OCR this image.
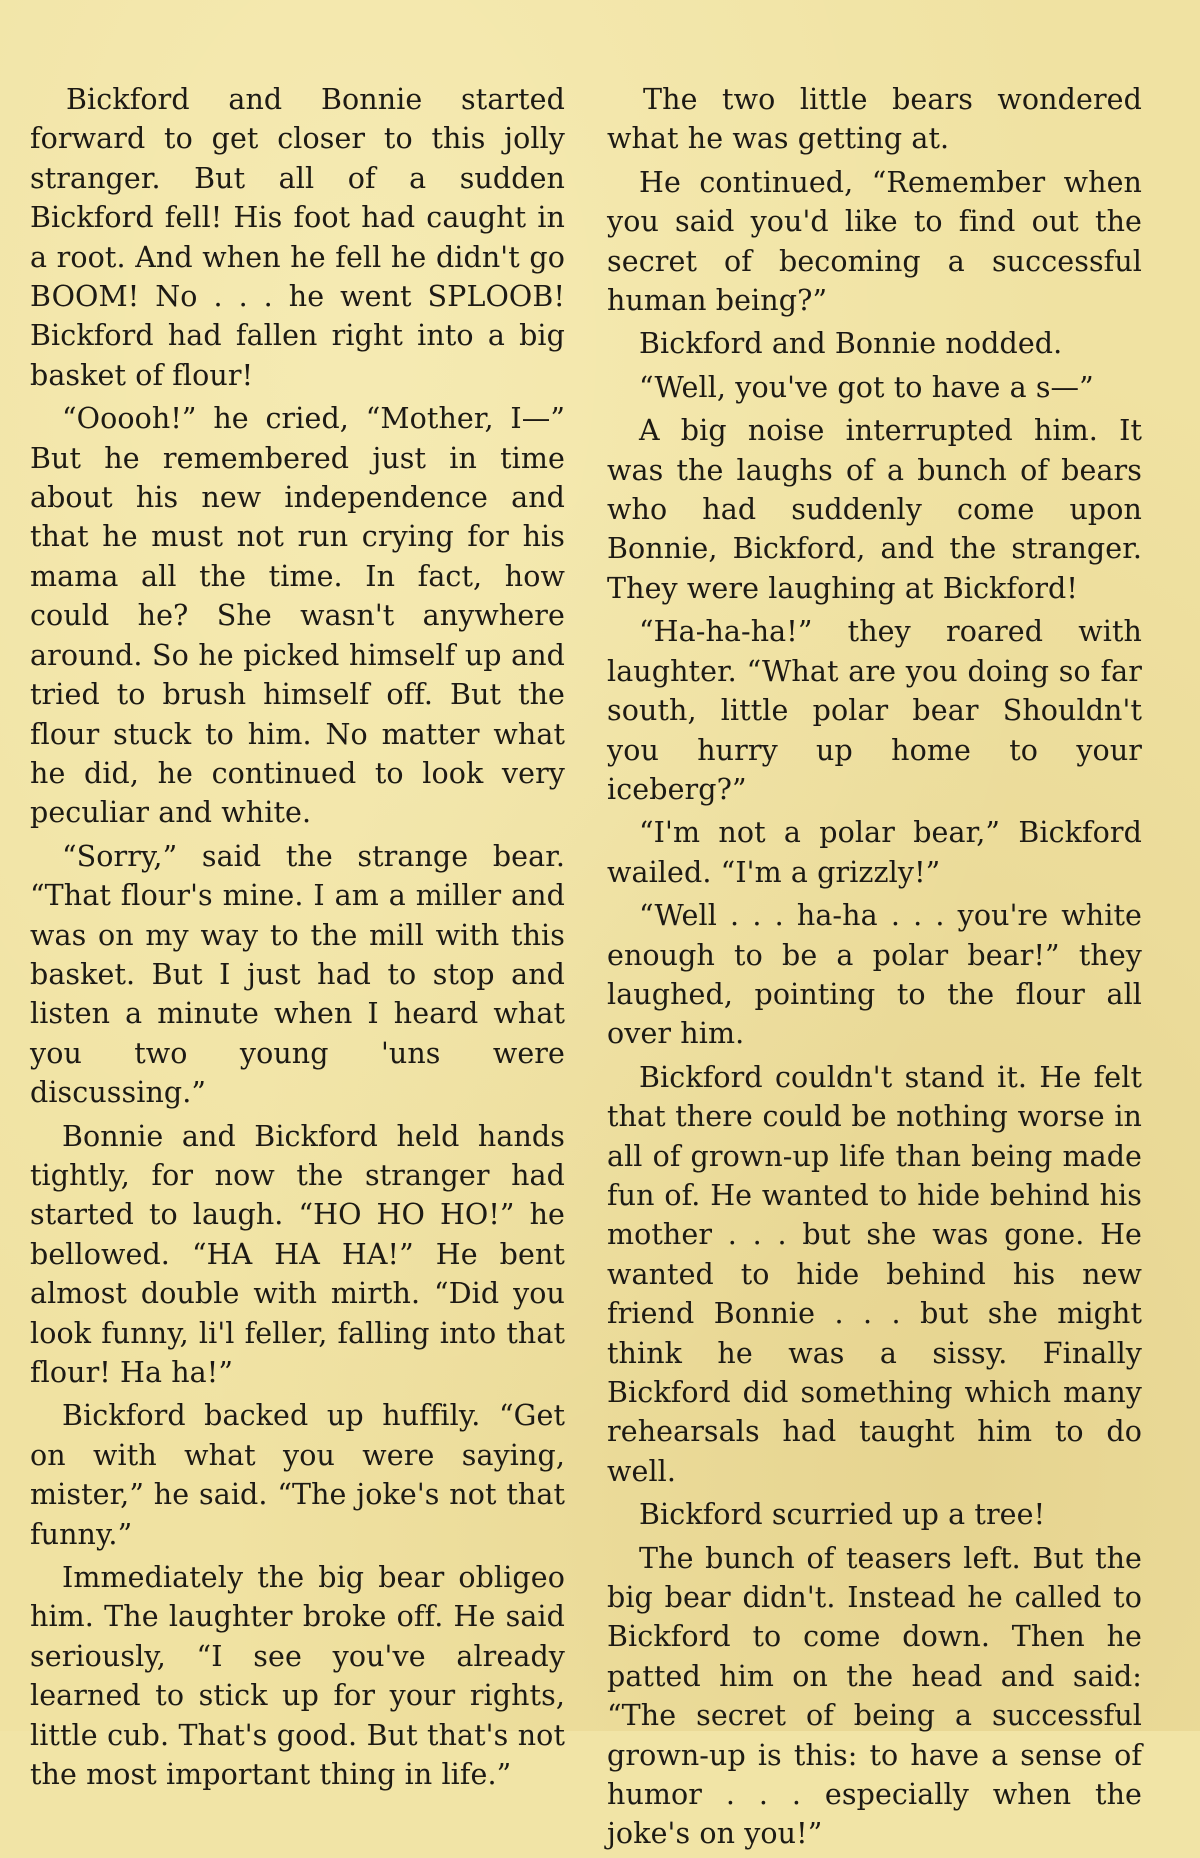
Bickford and Bonnie started forward to get closer to this jolly stranger. But all of a sudden Bickford fell! His foot had caught in a root. And when he fell he didn't go BOOM! No . . . he went SPLOOB! Bickford had fallen right into a big basket of flour!

“Ooooh!” he cried, “Mother, I—” But he remembered just in time about his new independence and that he must not run crying for his mama all the time. In fact, how could he? She wasn't anywhere around. So he picked himself up and tried to brush himself off. But the flour stuck to him. No matter what he did, he continued to look very peculiar and white.

“Sorry,” said the strange bear. “That flour's mine. I am a miller and was on my way to the mill with this basket. But I just had to stop and listen a minute when I heard what you two young 'uns were discussing.”

Bonnie and Bickford held hands tightly, for now the stranger had started to laugh. “HO HO HO!” he bellowed. “HA HA HA!” He bent almost double with mirth. “Did you look funny, li'l feller, falling into that flour! Ha ha!”

Bickford backed up huffily. “Get on with what you were saying, mister,” he said. “The joke's not that funny.”

Immediately the big bear obligeo him. The laughter broke off. He said seriously, “I see you've already learned to stick up for your rights, little cub. That's good. But that's not the most important thing in life.”

The two little bears wondered what he was getting at.

He continued, “Remember when you said you'd like to find out the secret of becoming a successful human being?”

Bickford and Bonnie nodded.

“Well, you've got to have a s—”

A big noise interrupted him. It was the laughs of a bunch of bears who had suddenly come upon Bonnie, Bickford, and the stranger. They were laughing at Bickford!

“Ha-ha-ha!” they roared with laughter. “What are you doing so far south, little polar bear Shouldn't you hurry up home to your iceberg?”

“I'm not a polar bear,” Bickford wailed. “I'm a grizzly!”

“Well . . . ha-ha . . . you're white enough to be a polar bear!” they laughed, pointing to the flour all over him.

Bickford couldn't stand it. He felt that there could be nothing worse in all of grown-up life than being made fun of. He wanted to hide behind his mother . . . but she was gone. He wanted to hide behind his new friend Bonnie . . . but she might think he was a sissy. Finally Bickford did something which many rehearsals had taught him to do well.

Bickford scurried up a tree!

The bunch of teasers left. But the big bear didn't. Instead he called to Bickford to come down. Then he patted him on the head and said: “The secret of being a successful grown-up is this: to have a sense of humor . . . especially when the joke's on you!”
